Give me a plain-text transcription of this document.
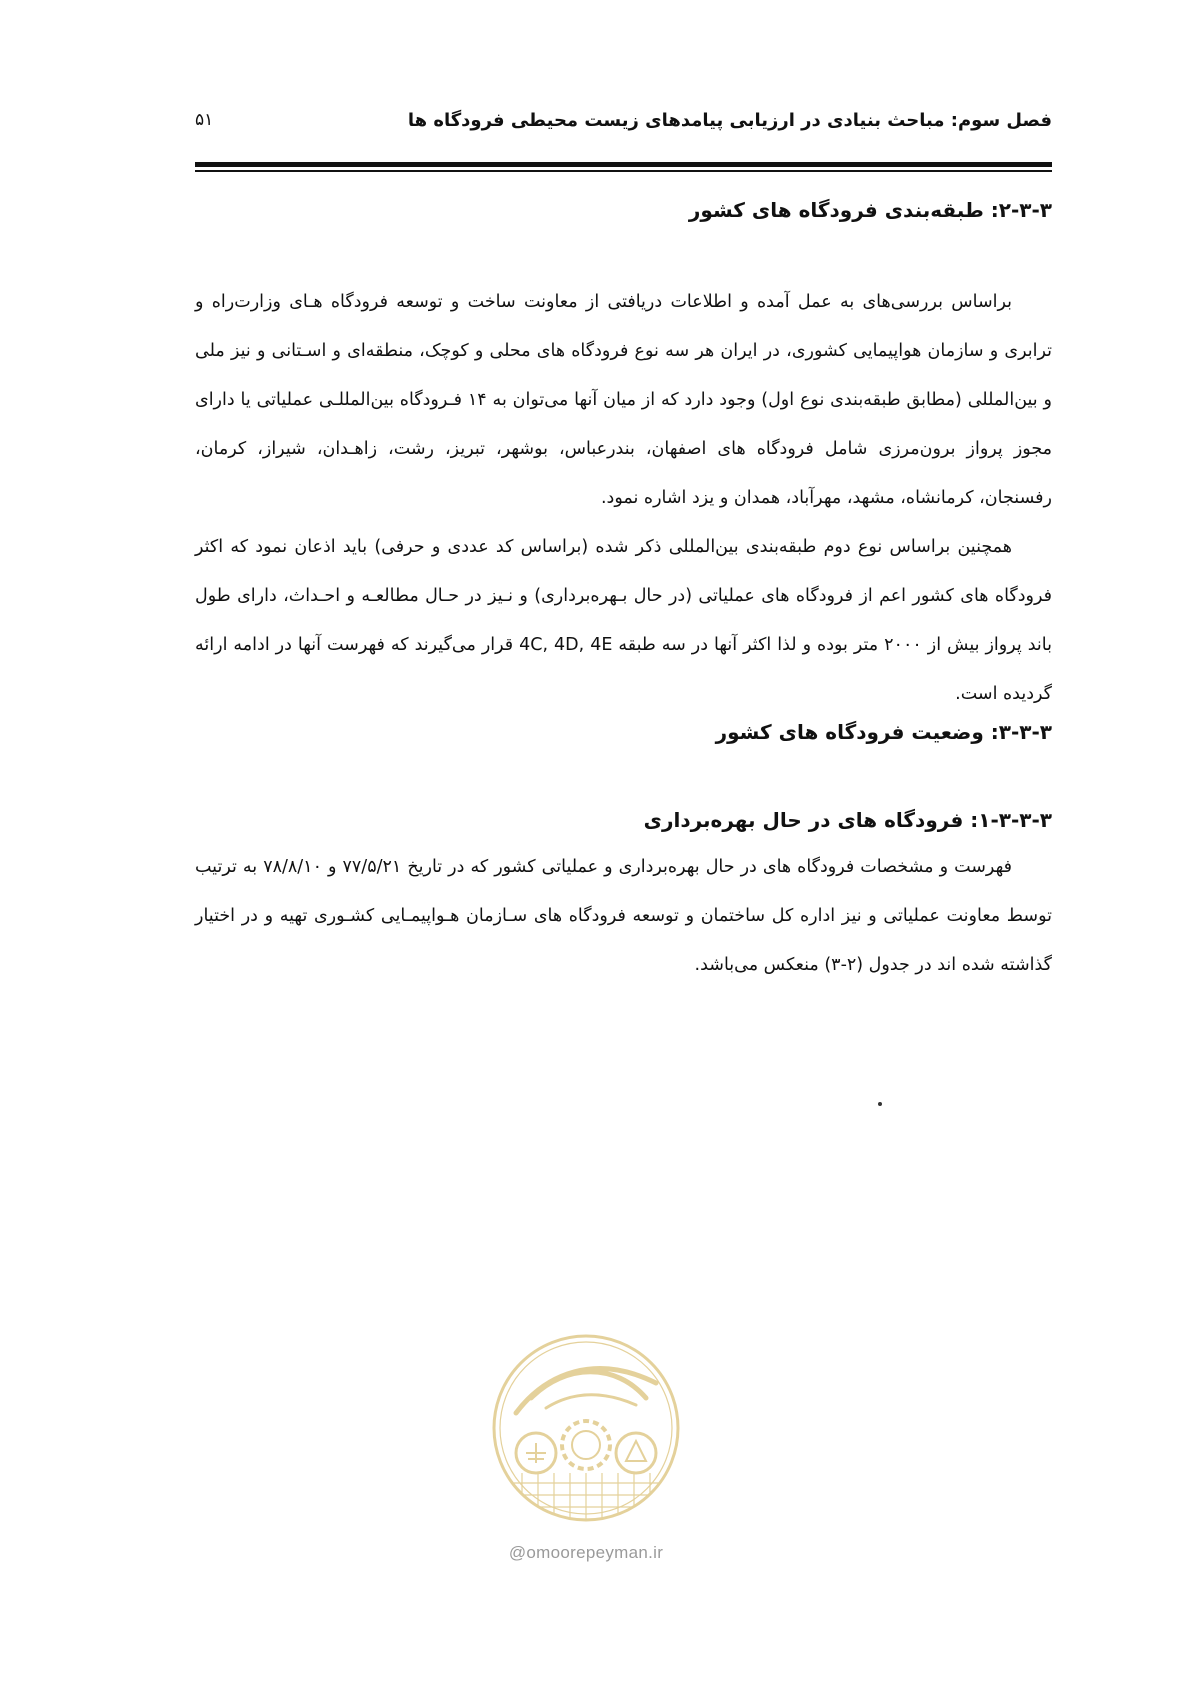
فصل سوم: مباحث بنیادی در ارزیابی پیامدهای زیست محیطی فرودگاه ها
۵۱
۲-۳-۳: طبقه‌بندی فرودگاه های کشور

براساس بررسی‌های به عمل آمده و اطلاعات دریافتی از معاونت ساخت و توسعه فرودگاه هـای وزارت‌راه و ترابری و سازمان هواپیمایی کشوری، در ایران هر سه نوع فرودگاه های محلی و کوچک، منطقه‌ای و اسـتانی و نیز ملی و بین‌المللی (مطابق طبقه‌بندی نوع اول) وجود دارد که از میان آنها می‌توان به ۱۴ فـرودگاه بین‌المللـی عملیاتی یا دارای مجوز پرواز برون‌مرزی شامل فرودگاه های اصفهان، بندرعباس، بوشهر، تبریز، رشت، زاهـدان، شیراز، کرمان، رفسنجان، کرمانشاه، مشهد، مهرآباد، همدان و یزد اشاره نمود.

همچنین براساس نوع دوم طبقه‌بندی بین‌المللی ذکر شده (براساس کد عددی و حرفی) باید اذعان نمود که اکثر فرودگاه های کشور اعم از فرودگاه های عملیاتی (در حال بـهره‌برداری) و نـیز در حـال مطالعـه و احـداث، دارای طول باند پرواز بیش از ۲۰۰۰ متر بوده و لذا اکثر آنها در سه طبقه 4C, 4D, 4E قرار می‌گیرند که فهرست آنها در ادامه ارائه گردیده است.

۳-۳-۳: وضعیت فرودگاه های کشور
۱-۳-۳-۳: فرودگاه های در حال بهره‌برداری

فهرست و مشخصات فرودگاه های در حال بهره‌برداری و عملیاتی کشور که در تاریخ ۷۷/۵/۲۱ و ۷۸/۸/۱۰ به ترتیب توسط معاونت عملیاتی و نیز اداره کل ساختمان و توسعه فرودگاه های سـازمان هـواپیمـایی کشـوری تهیه و در اختیار گذاشته شده اند در جدول (۲-۳) منعکس می‌باشد.

@omoorepeyman.ir
